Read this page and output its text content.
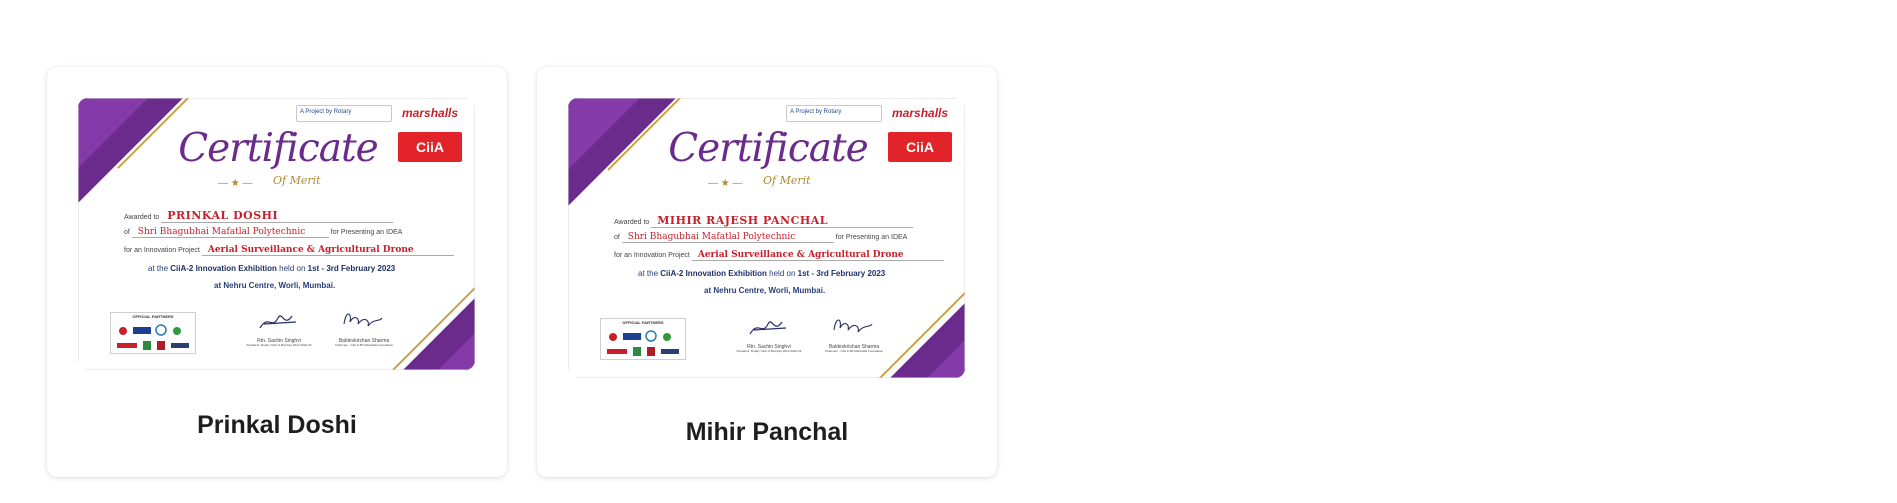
A Project by Rotary	marshalls
CiiA
Certificate
— ★ — Of Merit
Awarded to PRINKAL DOSHI
of Shri Bhagubhai Mafatlal Polytechnic	for Presenting an IDEA
for an Innovation Project Aerial Surveillance & Agricultural Drone
at the CiiA-2 Innovation Exhibition held on 1st - 3rd February 2023
at Nehru Centre, Worli, Mumbai.
OFFICIAL PARTNERS
Rtn. Sachin Singhvi
President, Rotary Club of Bombay Worli 2022-23
Baldevkrishan Sharma
Chairman - CiiA & BK Marshalls Foundation
Prinkal Doshi
A Project by Rotary	marshalls
CiiA
Certificate
— ★ — Of Merit
Awarded to MIHIR RAJESH PANCHAL
of Shri Bhagubhai Mafatlal Polytechnic	for Presenting an IDEA
for an Innovation Project Aerial Surveillance & Agricultural Drone
at the CiiA-2 Innovation Exhibition held on 1st - 3rd February 2023
at Nehru Centre, Worli, Mumbai.
OFFICIAL PARTNERS
Rtn. Sachin Singhvi
President, Rotary Club of Bombay Worli 2022-23
Baldevkrishan Sharma
Chairman - CiiA & BK Marshalls Foundation
Mihir Panchal
